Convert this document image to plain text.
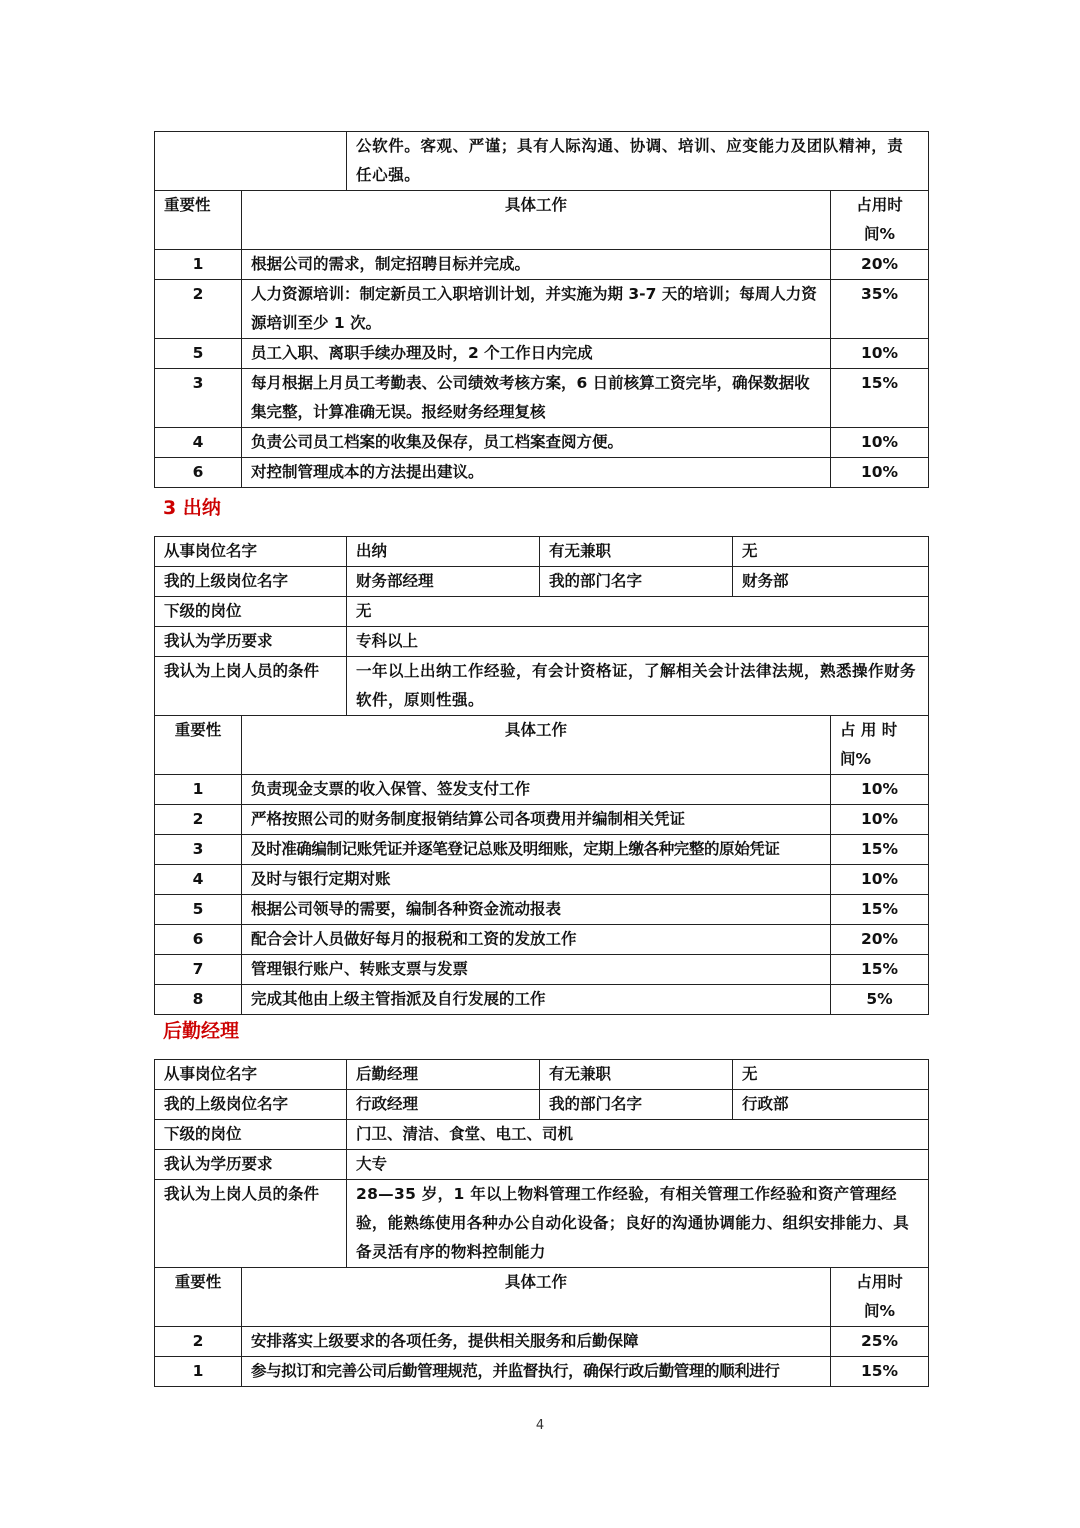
		公软件。客观、严谨；具有人际沟通、协调、培训、应变能力及团队精神，责任心强。	
重要性	具体工作		占用时
间%
1	根据公司的需求，制定招聘目标并完成。		20%
2	人力资源培训：制定新员工入职培训计划，并实施为期 3-7 天的培训；每周人力资源培训至少 1 次。		35%
5	员工入职、离职手续办理及时，2 个工作日内完成		10%
3	每月根据上月员工考勤表、公司绩效考核方案，6 日前核算工资完毕，确保数据收集完整，计算准确无误。报经财务经理复核		15%
4	负责公司员工档案的收集及保存，员工档案查阅方便。		10%
6	对控制管理成本的方法提出建议。		10%
3 出纳
从事岗位名字		出纳	有无兼职	无	
我的上级岗位名字		财务部经理	我的部门名字	财务部	
下级的岗位		无			
我认为学历要求		专科以上			
我认为上岗人员的条件		一年以上出纳工作经验，有会计资格证，了解相关会计法律法规，熟悉操作财务软件，原则性强。			
重要性	具体工作				占 用 时
间%
1	负责现金支票的收入保管、签发支付工作				10%
2	严格按照公司的财务制度报销结算公司各项费用并编制相关凭证				10%
3	及时准确编制记账凭证并逐笔登记总账及明细账，定期上缴各种完整的原始凭证				15%
4	及时与银行定期对账				10%
5	根据公司领导的需要，编制各种资金流动报表				15%
6	配合会计人员做好每月的报税和工资的发放工作				20%
7	管理银行账户、转账支票与发票				15%
8	完成其他由上级主管指派及自行发展的工作				5%
后勤经理
从事岗位名字		后勤经理	有无兼职	无	
我的上级岗位名字		行政经理	我的部门名字	行政部	
下级的岗位		门卫、清洁、食堂、电工、司机			
我认为学历要求		大专			
我认为上岗人员的条件		28—35 岁，1 年以上物料管理工作经验，有相关管理工作经验和资产管理经验，能熟练使用各种办公自动化设备；良好的沟通协调能力、组织安排能力、具备灵活有序的物料控制能力			
重要性	具体工作				占用时
间%
2	安排落实上级要求的各项任务，提供相关服务和后勤保障				25%
1	参与拟订和完善公司后勤管理规范，并监督执行，确保行政后勤管理的顺利进行				15%
4
